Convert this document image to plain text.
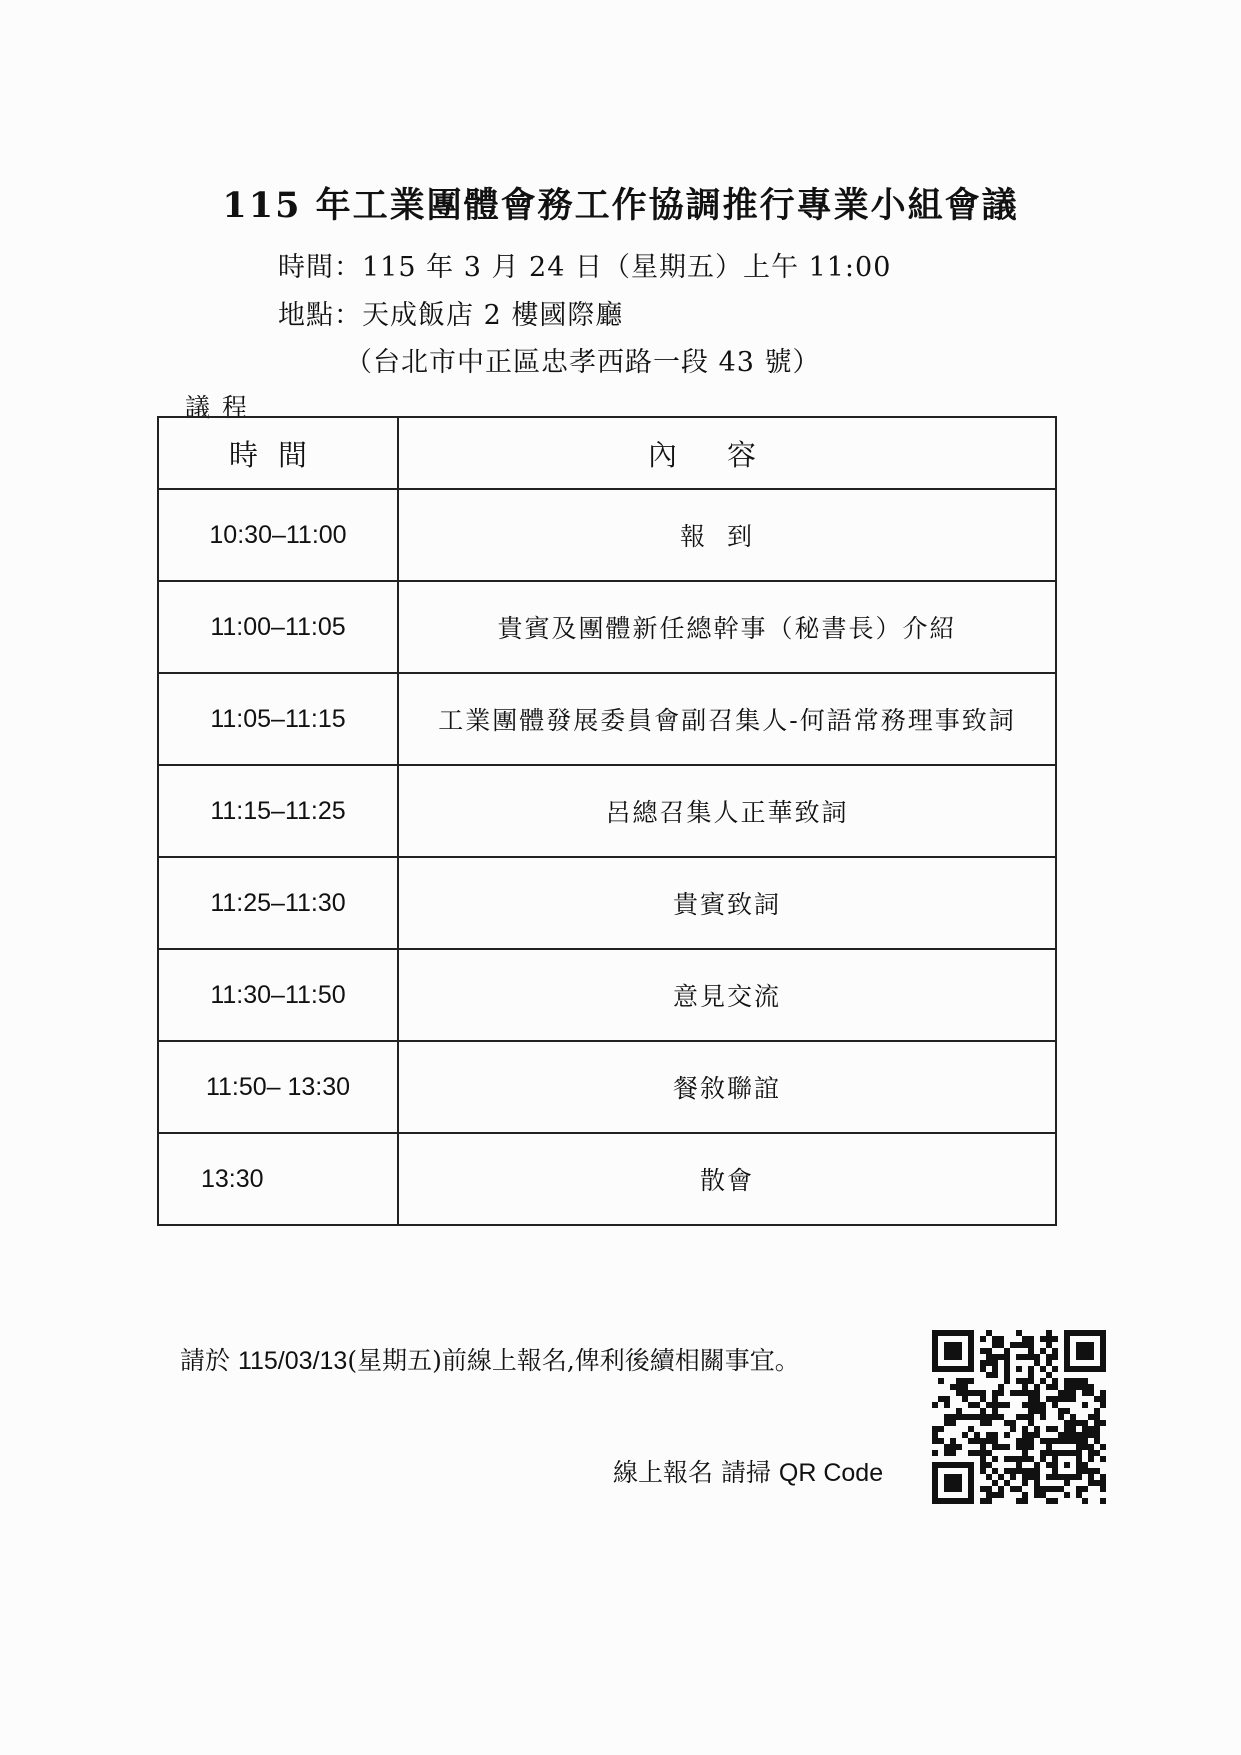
115 年工業團體會務工作協調推行專業小組會議
時間：115 年 3 月 24 日（星期五）上午 11:00
地點：天成飯店 2 樓國際廳
（台北市中正區忠孝西路一段 43 號）
議程
時間	內容
10:30–11:00	報到
11:00–11:05	貴賓及團體新任總幹事（秘書長）介紹
11:05–11:15	工業團體發展委員會副召集人-何語常務理事致詞
11:15–11:25	呂總召集人正華致詞
11:25–11:30	貴賓致詞
11:30–11:50	意見交流
11:50– 13:30	餐敘聯誼
13:30	散會
請於 115/03/13(星期五)前線上報名,俾利後續相關事宜。
線上報名 請掃 QR Code
